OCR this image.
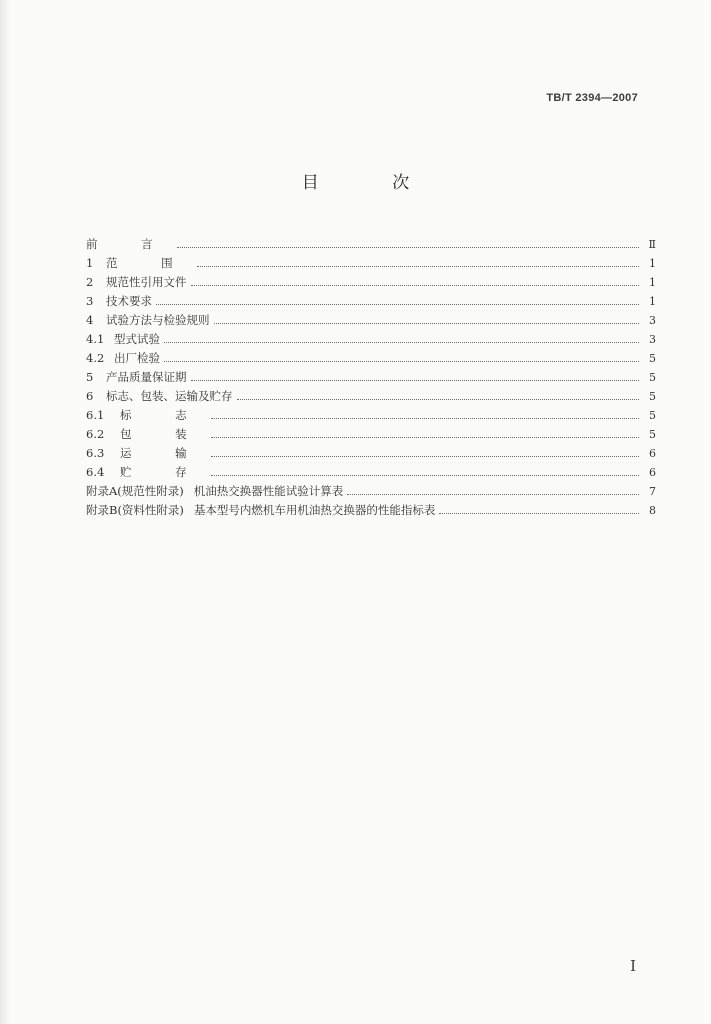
TB/T 2394—2007

目 次
前 言	Ⅱ
1	范 围	1
2	规范性引用文件	1
3	技术要求	1
4	试验方法与检验规则	3
4.1 型式试验	3
4.2 出厂检验	5
5	产品质量保证期	5
6	标志、包装、运输及贮存	5
6.1	标 志	5
6.2	包 装	5
6.3	运 输	6
6.4	贮 存	6
附录A(规范性附录) 机油热交换器性能试验计算表	7
附录B(资料性附录) 基本型号内燃机车用机油热交换器的性能指标表	8

I
